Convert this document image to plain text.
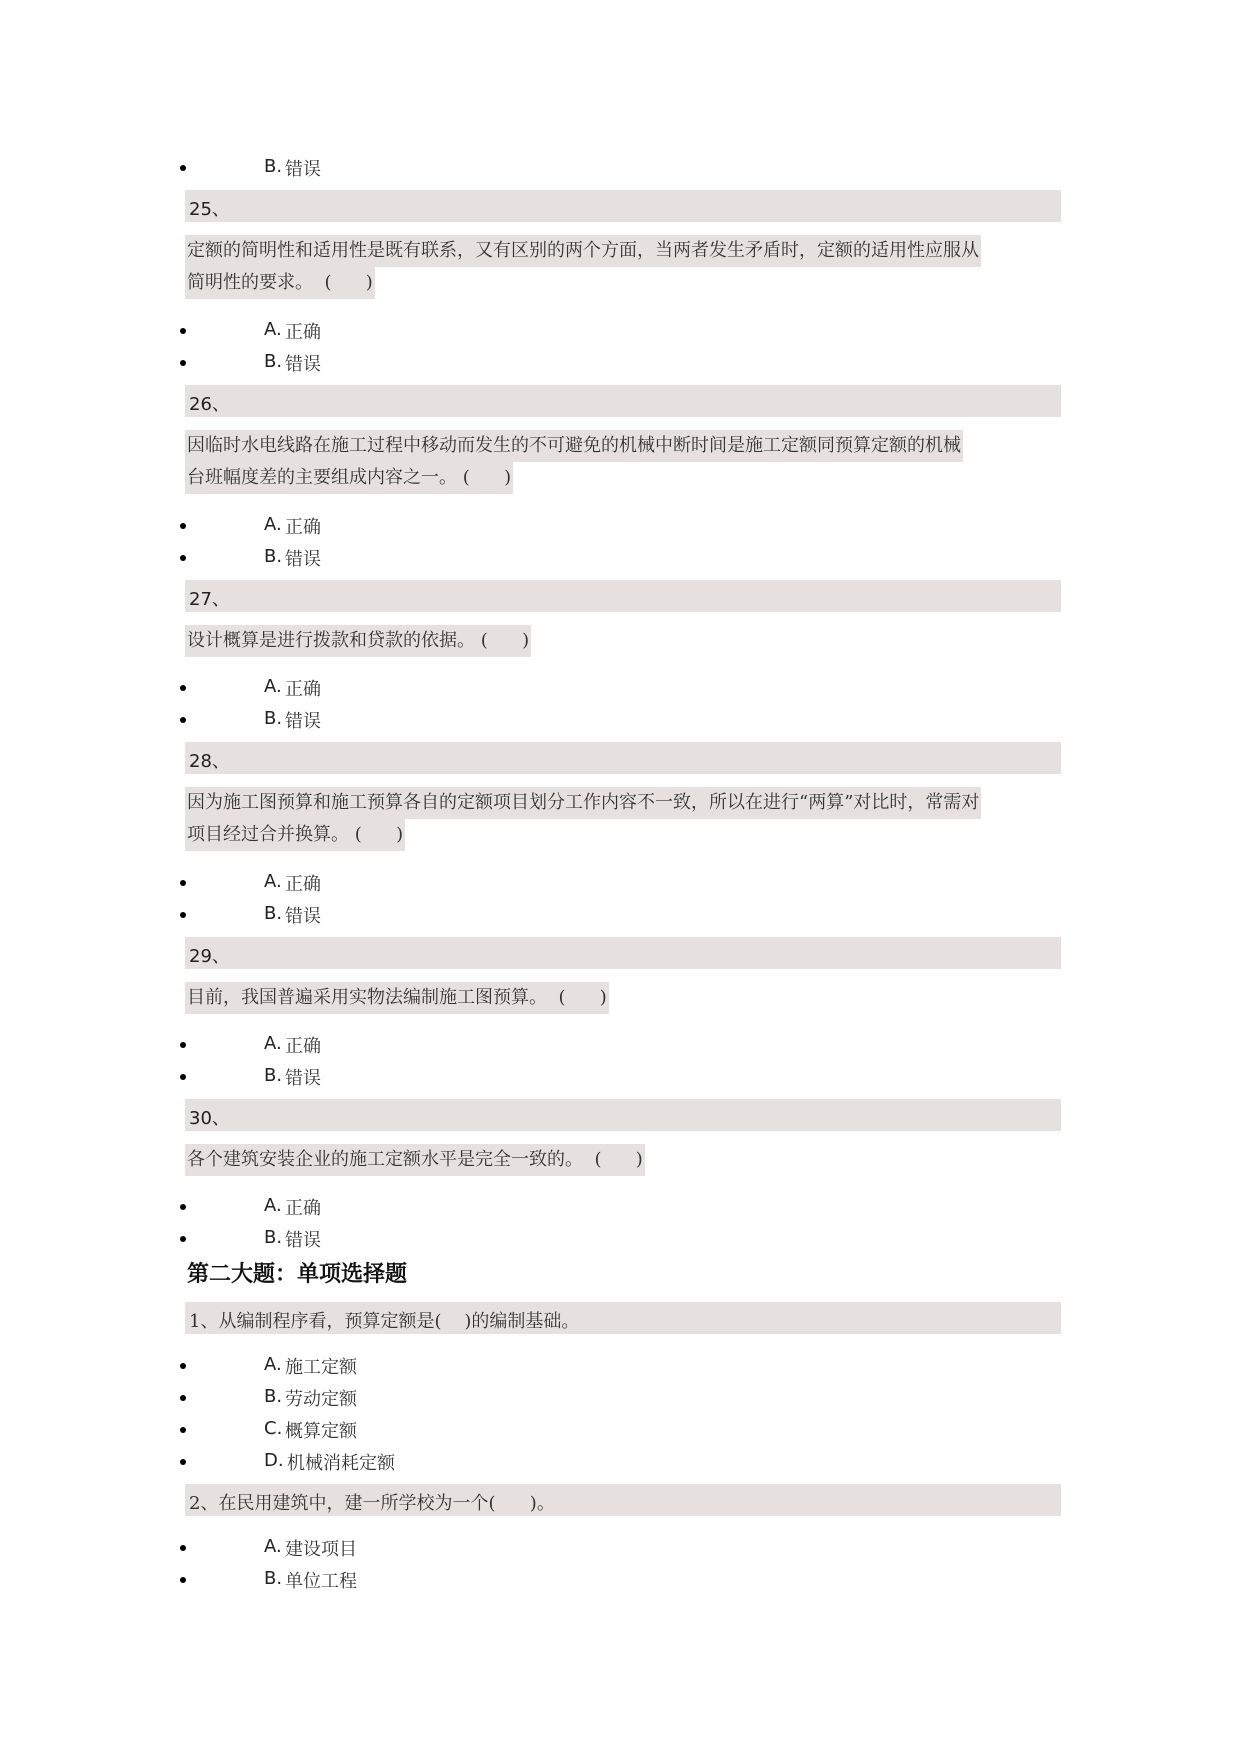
B. 错误
25、
定额的简明性和适用性是既有联系，又有区别的两个方面，当两者发生矛盾时，定额的适用性应服从
简明性的要求。  (      )
A. 正确
B. 错误
26、
因临时水电线路在施工过程中移动而发生的不可避免的机械中断时间是施工定额同预算定额的机械
台班幅度差的主要组成内容之一。 (      )
A. 正确
B. 错误
27、
设计概算是进行拨款和贷款的依据。 (      )
A. 正确
B. 错误
28、
因为施工图预算和施工预算各自的定额项目划分工作内容不一致，所以在进行“两算”对比时，常需对
项目经过合并换算。 (      )
A. 正确
B. 错误
29、
目前，我国普遍采用实物法编制施工图预算。  (      )
A. 正确
B. 错误
30、
各个建筑安装企业的施工定额水平是完全一致的。  (      )
A. 正确
B. 错误
第二大题：单项选择题
1、从编制程序看，预算定额是(    )的编制基础。
A. 施工定额
B. 劳动定额
C. 概算定额
D. 机械消耗定额
2、在民用建筑中，建一所学校为一个(      )。
A. 建设项目
B. 单位工程
